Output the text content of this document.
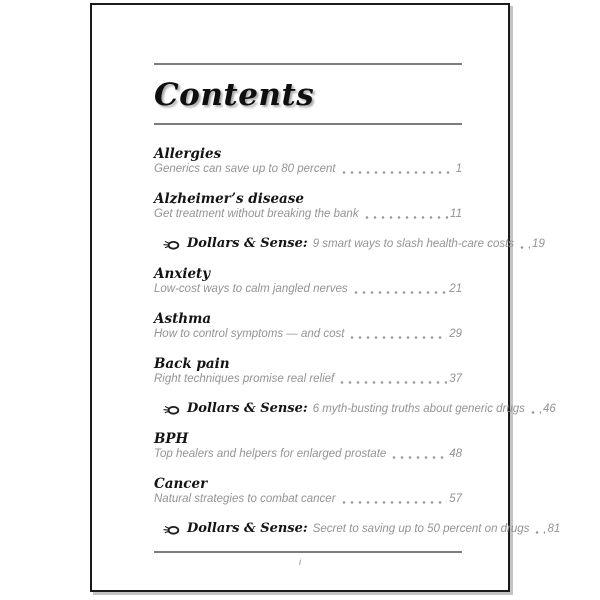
Contents
Allergies
Generics can save up to 80 percent	1
Alzheimer’s disease
Get treatment without breaking the bank	11
Dollars & Sense: 9 smart ways to slash health-care costs 19
Anxiety
Low-cost ways to calm jangled nerves	21
Asthma
How to control symptoms — and cost	29
Back pain
Right techniques promise real relief	37
Dollars & Sense: 6 myth-busting truths about generic drugs 46
BPH
Top healers and helpers for enlarged prostate	48
Cancer
Natural strategies to combat cancer	57
Dollars & Sense: Secret to saving up to 50 percent on drugs 81
i
